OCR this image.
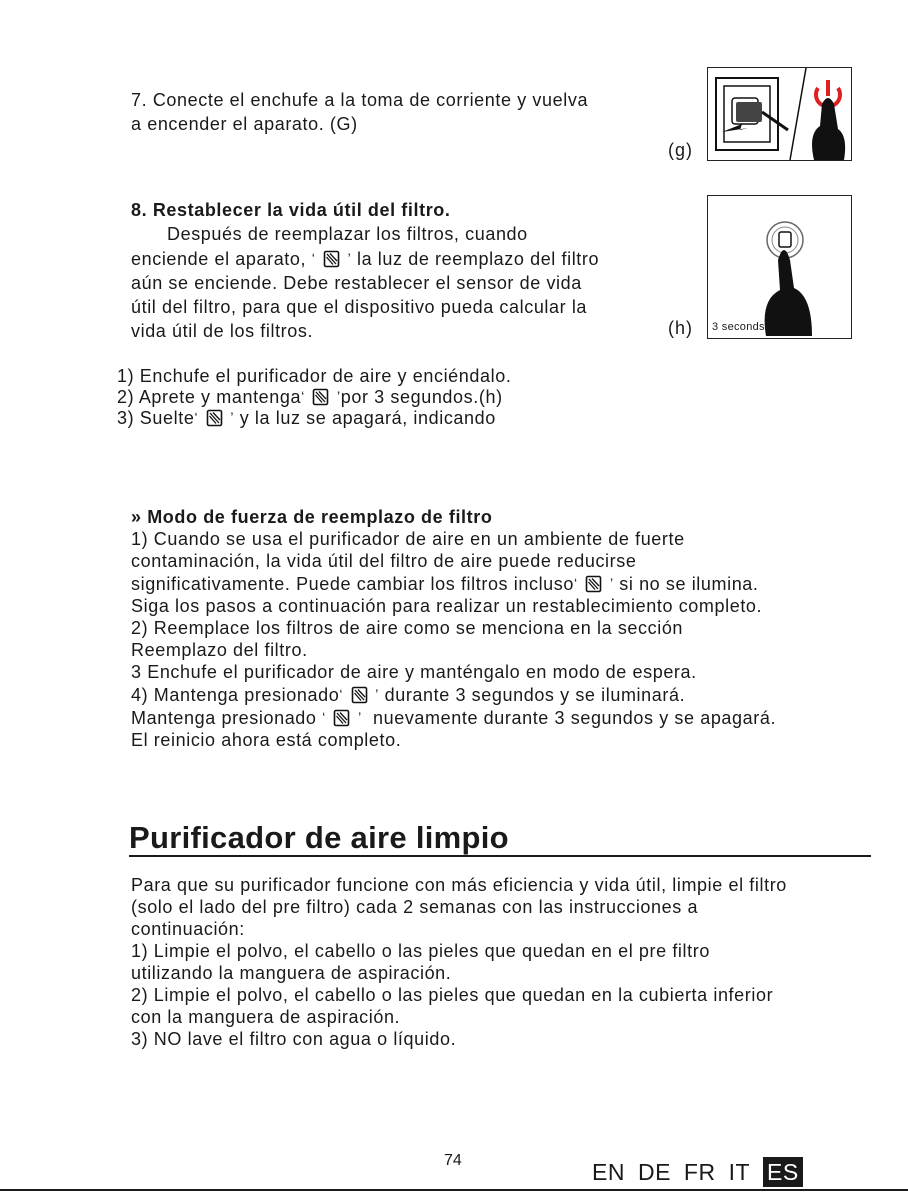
7. Conecte el enchufe a la toma de corriente y vuelva
a encender el aparato. (G)
(g)
8. Restablecer la vida útil del filtro.
Después de reemplazar los filtros, cuando
enciende el aparato, ‘ ’ la luz de reemplazo del filtro
aún se enciende. Debe restablecer el sensor de vida
útil del filtro, para que el dispositivo pueda calcular la
vida útil de los filtros.	(h) 3 seconds
1) Enchufe el purificador de aire y enciéndalo.
2) Aprete y mantenga‘ ’por 3 segundos.(h)
3) Suelte‘ ’ y la luz se apagará, indicando
» Modo de fuerza de reemplazo de filtro
1) Cuando se usa el purificador de aire en un ambiente de fuerte
contaminación, la vida útil del filtro de aire puede reducirse
significativamente. Puede cambiar los filtros incluso‘ ’ si no se ilumina.
Siga los pasos a continuación para realizar un restablecimiento completo.
2) Reemplace los filtros de aire como se menciona en la sección
Reemplazo del filtro.
3 Enchufe el purificador de aire y manténgalo en modo de espera.
4) Mantenga presionado‘ ’ durante 3 segundos y se iluminará.
Mantenga presionado ‘ ’ nuevamente durante 3 segundos y se apagará.
El reinicio ahora está completo.
Purificador de aire limpio
Para que su purificador funcione con más eficiencia y vida útil, limpie el filtro
(solo el lado del pre filtro) cada 2 semanas con las instrucciones a
continuación:
1) Limpie el polvo, el cabello o las pieles que quedan en el pre filtro
utilizando la manguera de aspiración.
2) Limpie el polvo, el cabello o las pieles que quedan en la cubierta inferior
con la manguera de aspiración.
3) NO lave el filtro con agua o líquido.
74	EN DE FR IT ES
